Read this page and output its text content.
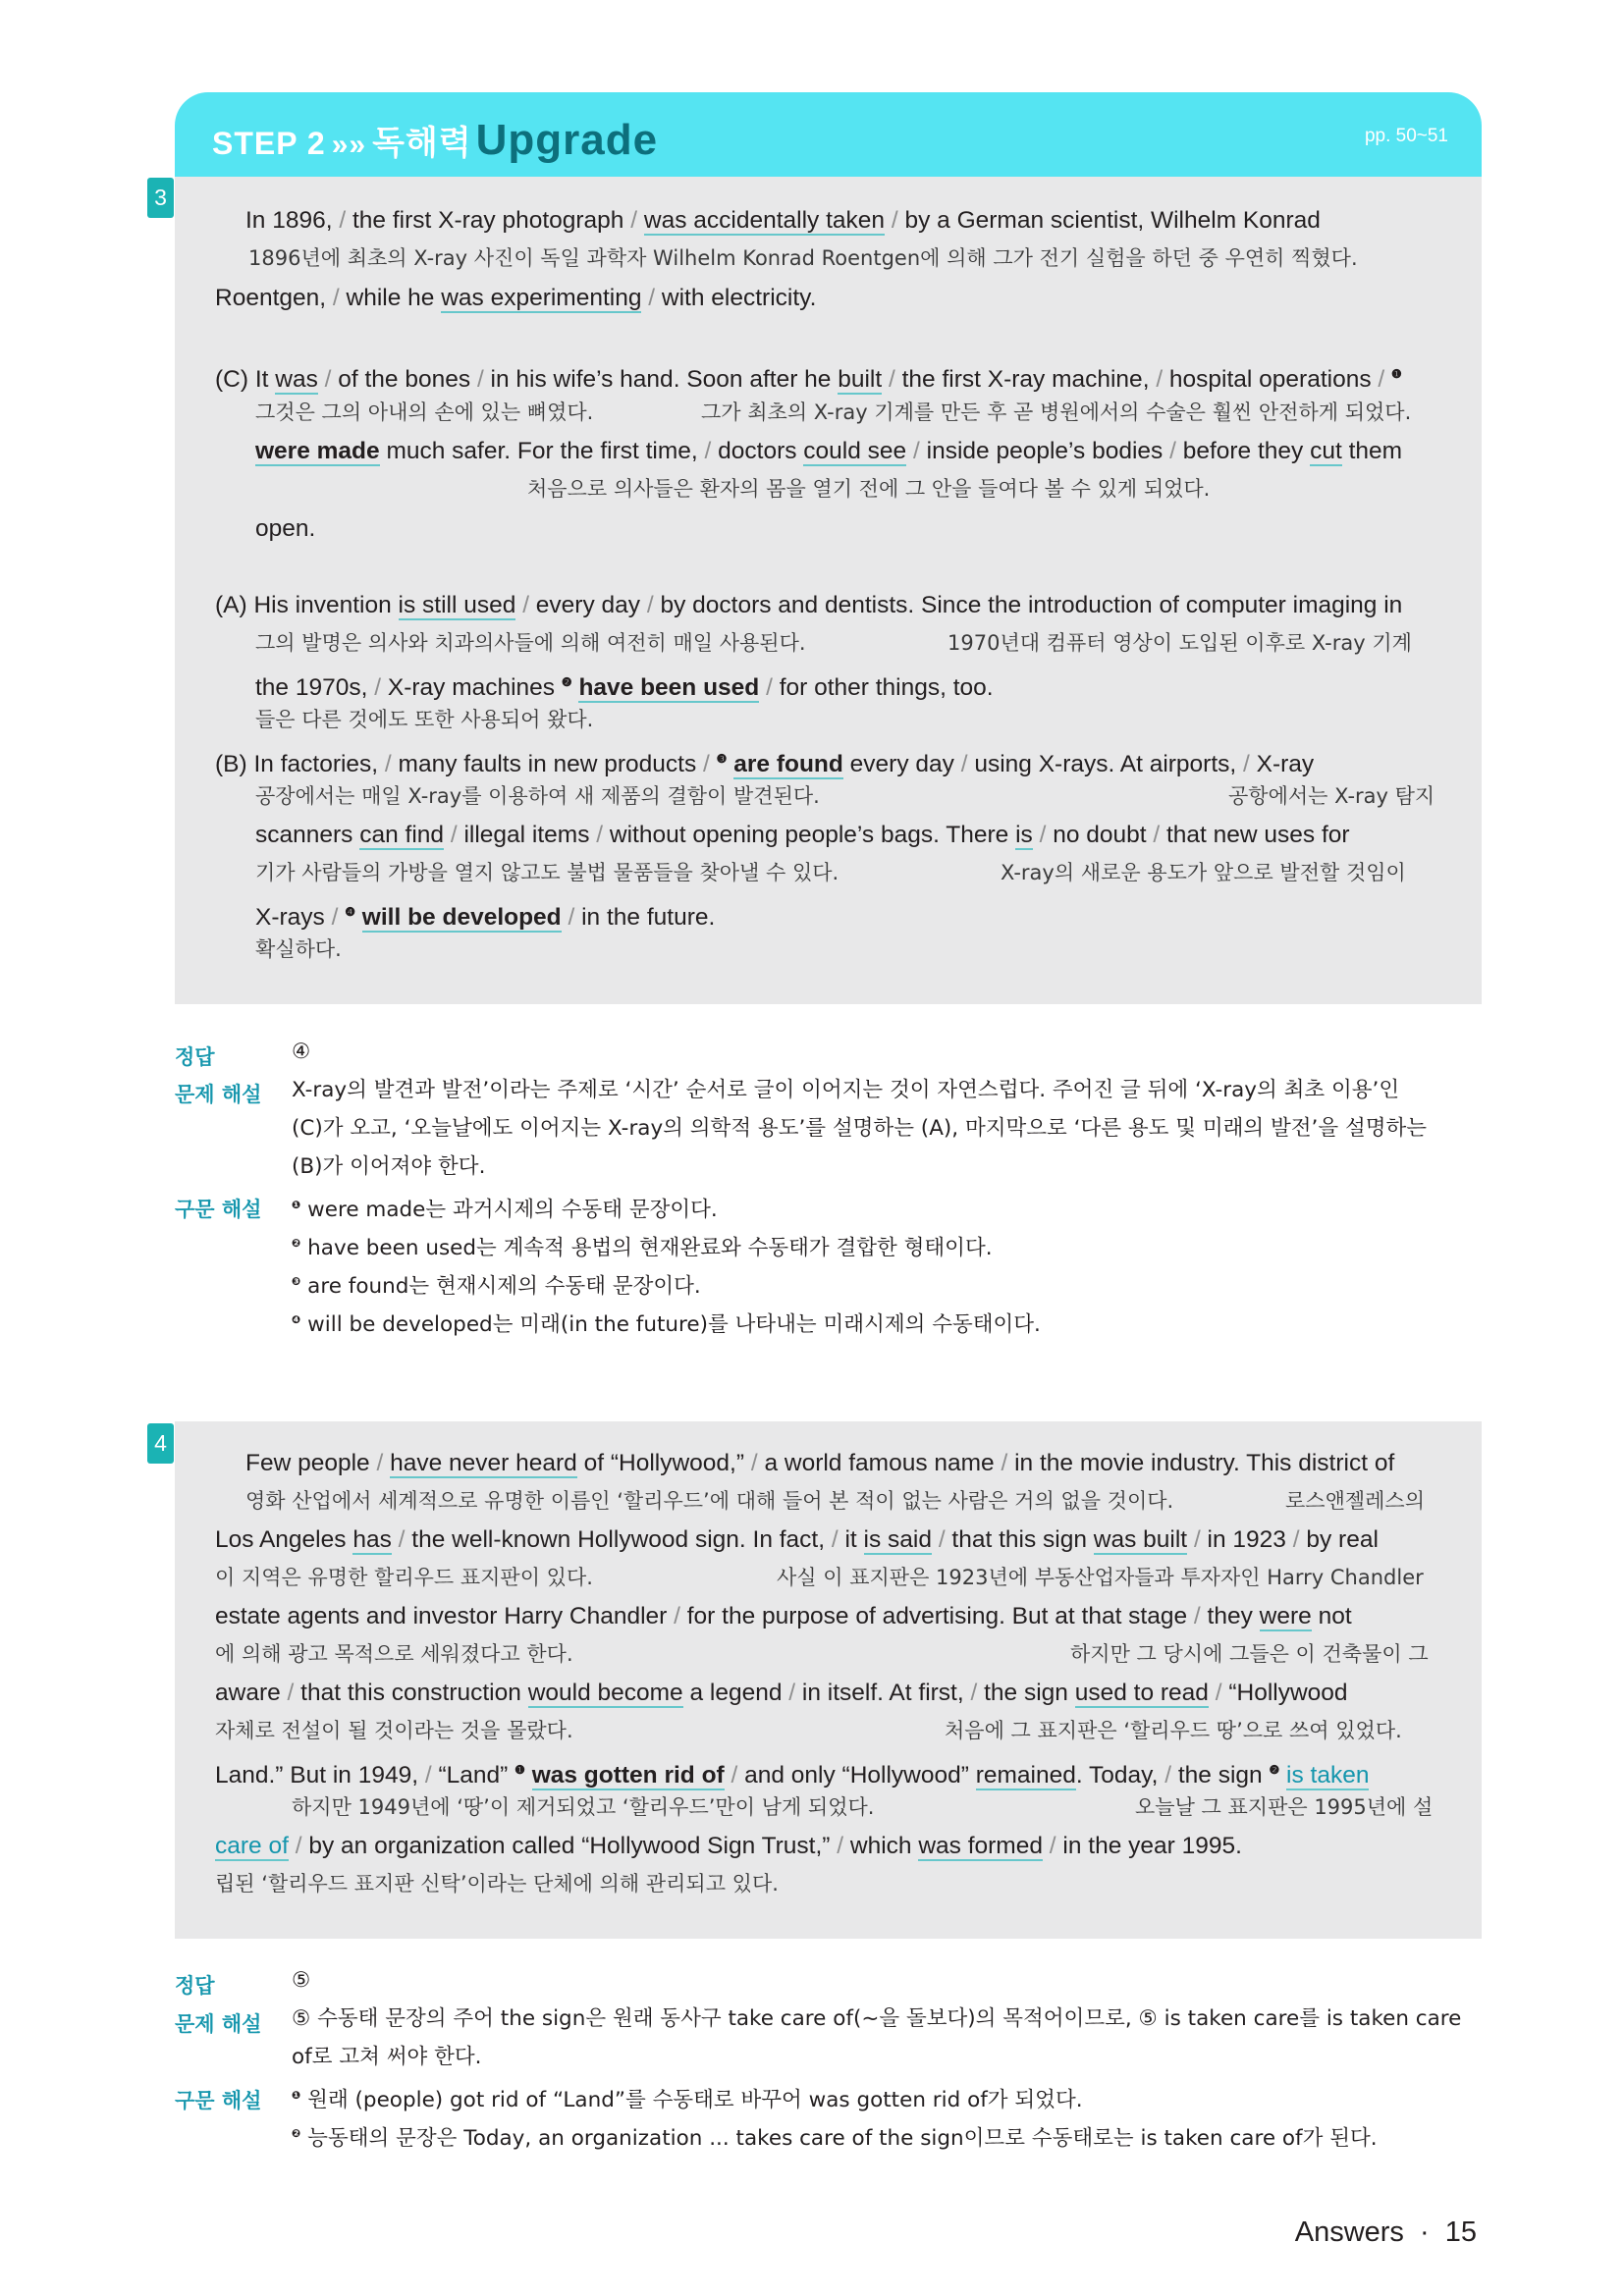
STEP 2 »» 독해력Upgrade	pp. 50~51
3
In 1896, / the first X-ray photograph / was accidentally taken / by a German scientist, Wilhelm Konrad
1896년에 최초의 X-ray 사진이 독일 과학자 Wilhelm Konrad Roentgen에 의해 그가 전기 실험을 하던 중 우연히 찍혔다.
Roentgen, / while he was experimenting / with electricity.
(C) It was / of the bones / in his wife’s hand. Soon after he built / the first X-ray machine, / hospital operations / $^❶$
그것은 그의 아내의 손에 있는 뼈였다.	그가 최초의 X-ray 기계를 만든 후 곧 병원에서의 수술은 훨씬 안전하게 되었다.
were made much safer. For the first time, / doctors could see / inside people’s bodies / before they cut them
처음으로 의사들은 환자의 몸을 열기 전에 그 안을 들여다 볼 수 있게 되었다.
open.
(A) His invention is still used / every day / by doctors and dentists. Since the introduction of computer imaging in
그의 발명은 의사와 치과의사들에 의해 여전히 매일 사용된다.	1970년대 컴퓨터 영상이 도입된 이후로 X-ray 기계
the 1970s, / X-ray machines $^❷$ have been used / for other things, too.
들은 다른 것에도 또한 사용되어 왔다.
(B) In factories, / many faults in new products / $^❸$ are found every day / using X-rays. At airports, / X-ray
공장에서는 매일 X-ray를 이용하여 새 제품의 결함이 발견된다.	공항에서는 X-ray 탐지
scanners can find / illegal items / without opening people’s bags. There is / no doubt / that new uses for
기가 사람들의 가방을 열지 않고도 불법 물품들을 찾아낼 수 있다.	X-ray의 새로운 용도가 앞으로 발전할 것임이
X-rays / $^❹$ will be developed / in the future.
확실하다.
정답	④
문제 해설 X-ray의 발견과 발전’이라는 주제로 ‘시간’ 순서로 글이 이어지는 것이 자연스럽다. 주어진 글 뒤에 ‘X-ray의 최초 이용’인
(C)가 오고, ‘오늘날에도 이어지는 X-ray의 의학적 용도’를 설명하는 (A), 마지막으로 ‘다른 용도 및 미래의 발전’을 설명하는
(B)가 이어져야 한다.
구문 해설	$^❶$ were made는 과거시제의 수동태 문장이다.
$^❷$ have been used는 계속적 용법의 현재완료와 수동태가 결합한 형태이다.
$^❸$ are found는 현재시제의 수동태 문장이다.
$^❹$ will be developed는 미래(in the future)를 나타내는 미래시제의 수동태이다.
4
Few people / have never heard of “Hollywood,” / a world famous name / in the movie industry. This district of
영화 산업에서 세계적으로 유명한 이름인 ‘할리우드’에 대해 들어 본 적이 없는 사람은 거의 없을 것이다.	로스앤젤레스의
Los Angeles has / the well-known Hollywood sign. In fact, / it is said / that this sign was built / in 1923 / by real
이 지역은 유명한 할리우드 표지판이 있다.	사실 이 표지판은 1923년에 부동산업자들과 투자자인 Harry Chandler
estate agents and investor Harry Chandler / for the purpose of advertising. But at that stage / they were not
에 의해 광고 목적으로 세워졌다고 한다.	하지만 그 당시에 그들은 이 건축물이 그
aware / that this construction would become a legend / in itself. At first, / the sign used to read / “Hollywood
자체로 전설이 될 것이라는 것을 몰랐다.	처음에 그 표지판은 ‘할리우드 땅’으로 쓰여 있었다.
Land.” But in 1949, / “Land” $^❶$ was gotten rid of / and only “Hollywood” remained. Today, / the sign $^❷$ is taken
하지만 1949년에 ‘땅’이 제거되었고 ‘할리우드’만이 남게 되었다.	오늘날 그 표지판은 1995년에 설
care of / by an organization called “Hollywood Sign Trust,” / which was formed / in the year 1995.
립된 ‘할리우드 표지판 신탁’이라는 단체에 의해 관리되고 있다.
정답	⑤
문제 해설 ⑤ 수동태 문장의 주어 the sign은 원래 동사구 take care of(~을 돌보다)의 목적어이므로, ⑤ is taken care를 is taken care
of로 고쳐 써야 한다.
구문 해설	$^❶$ 원래 (people) got rid of “Land”를 수동태로 바꾸어 was gotten rid of가 되었다.
$^❷$ 능동태의 문장은 Today, an organization ... takes care of the sign이므로 수동태로는 is taken care of가 된다.
Answers · 15
